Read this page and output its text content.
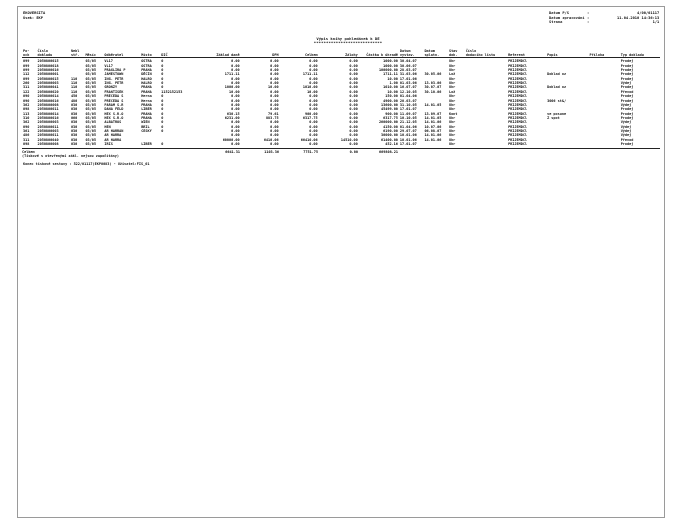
EKOVERSITA
Úsek: EKP
Datum P/S	:	4/00/01117
Datum zpracování :	11.04.2010 14:36:13
Strana	:	1/1
Výpis knihy pohledávek k DE
****************************
Po-	Číslo	Nebl										Datum	Datum	Stav	Číslo				
ock	dokladu	stř.	Měsíc	Odběratel	Místo	DIČ	Základ daně	DPH	Celkem	Zálohy	Částka k úhradě	vystav.	splatn.	dok.	dodacího listu	Referent	Popis	Příloha	Typ dokladu
099	2050800015		03/05	VL17	OSTRA	0	0.00	0.00	0.00	0.00	1000.00	30.04.07		Úhr		PRIJEMDCl			Prodej
099	2050800018		03/05	VL17	OSTRA	0	0.00	0.00	0.00	0.00	1000.00	30.06.07		Úhr		PRIJEMDCl			Prodej
099	2050800016		03/05	PRAGLIRA P	PRAHA	0	0.00	0.00	0.00	0.00	100000.00	28.03.07		Úhr		PRIJEMDCl			Prodej
112	2050800001		03/05	JAMESTOWN	DĚČÍN	0	1711.11	0.00	1711.11	0.00	1711.11	31.03.06	30.05.06	Lož		PRIJEMDCl	Doklad oz		Prodej
099	2050800015	110	03/05	ING. PETR	HALRO	0	0.00	0.00	0.00	0.00	10.00	17.01.06		Úhr		PRIJEMDCl			Prodej
260	2050800003	110	03/05	ING. PETR	HALRO	0	0.00	0.00	0.00	0.00	1.00	01.03.06	13.03.06	Úhr		PRIJEMDCl			Výdej
311	2050800041	110	03/05	GRONZY	PRAHA	0	1000.00	10.00	1010.00	0.00	1010.00	16.07.07	30.07.07	Úhr		PRIJEMDCl	Doklad oz		Prodej
122	2050800020	110	03/05	FRANTIŠEK	PRAHA	1152152153	10.00	0.00	10.00	0.00	10.00	12.10.05	30.10.06	Lož		PRIJEMDCl			Převod
090	2050800014	450	03/05	PRECEDA S	Herna	0	0.00	0.00	0.00	0.00	150.00	01.04.06		Úhr		PRIJEMDCl			Prodej
090	2050800016	480	03/05	PRECEDA S	Herna	0	0.00	0.00	0.00	0.00	4900.00	20.03.07		Úhr		PRIJEMDCl	3006 st&/		Prodej
362	2050800008	030	03/05	PARAM S.R	PRAHA	0	0.00	0.00	0.00	0.00	13600.00	31.10.05	14.01.05	Úhr		PRIJEMDCl			Výdej
098	2050800011	030	03/05	DANA FELD	LIBER	0	0.00	0.00	0.00	0.00	45499.00	17.01.07		Úhr		PRIJEMDCl			Prodej
113	2050800014	030	03/05	HEX S.R.O	PRAHA	0	630.15	79.61	900.00	0.00	900.00	11.09.07	13.09.07	Kont		PRIJEMDCl	ve posune		Prodej
310	2050800016	060	03/05	HEX S.R.O	PRAHA	0	6231.00	883.75	6317.75	0.00	6317.75	10.10.05	14.01.05	Úhr		PRIJEMDCl	Z spot		Prodej
362	2050800003	030	03/05	ALBATROS	WIEN	0	0.00	0.00	0.00	0.00	260000.00	21.12.05	14.01.06	Úhr		PRIJEMDCl			Výdej
090	2050800011	030	03/05	HEN	BRIL	0	0.00	0.00	0.00	0.00	4150.00	01.04.06	10.07.06	Úhr		PRIJEMDCl			Výdej
361	2050800003	030	03/05	AR HARRAN	ČESKÝ	0	0.00	0.00	0.00	0.00	6190.00	29.07.07	06.08.07	Úhr		PRIJEMDCl			Výdej
486	2050800011	030	03/05	AR HARRA			0.00	0.00	0.00	0.00	30000.00	10.01.06	14.01.06	Úhr		PRIJEMDCl			Výdej
311	2050800040	030	03/05	AR HARRA			60000.00	6410.06	66410.06	14510.00	61400.00	10.01.06	14.01.06	Úhr		PRIJEMDCl			Převod
098	2050800008	030	03/05	IRIS	LIBER	0	0.00	0.00	0.00	0.00	452.16	17.01.07		Úhr		PRIJEMDCl			Prodej
Celkem
(Tiskové s otevřenými zákl. nejsou započítány)
6641.31	1103.36	7751.75	0.00	669808.21
Konec tiskové sestavy : 522/01117(EKP0083) - Uživatel:FIS_01
